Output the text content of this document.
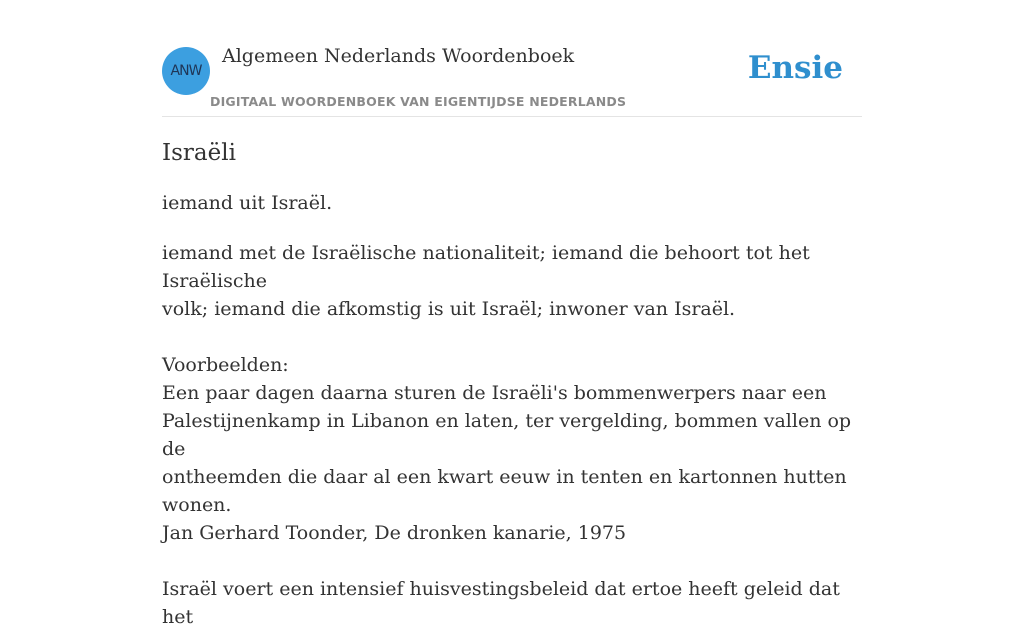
ANW
Algemeen Nederlands Woordenboek
DIGITAAL WOORDENBOEK VAN EIGENTIJDSE NEDERLANDS
Ensie
Israëli
iemand uit Israël.

iemand met de Israëlische nationaliteit; iemand die behoort tot het Israëlische

volk; iemand die afkomstig is uit Israël; inwoner van Israël.

Voorbeelden:

Een paar dagen daarna sturen de Israëli's bommenwerpers naar een

Palestijnenkamp in Libanon en laten, ter vergelding, bommen vallen op de

ontheemden die daar al een kwart eeuw in tenten en kartonnen hutten wonen.

Jan Gerhard Toonder, De dronken kanarie, 1975

Israël voert een intensief huisvestingsbeleid dat ertoe heeft geleid dat het
